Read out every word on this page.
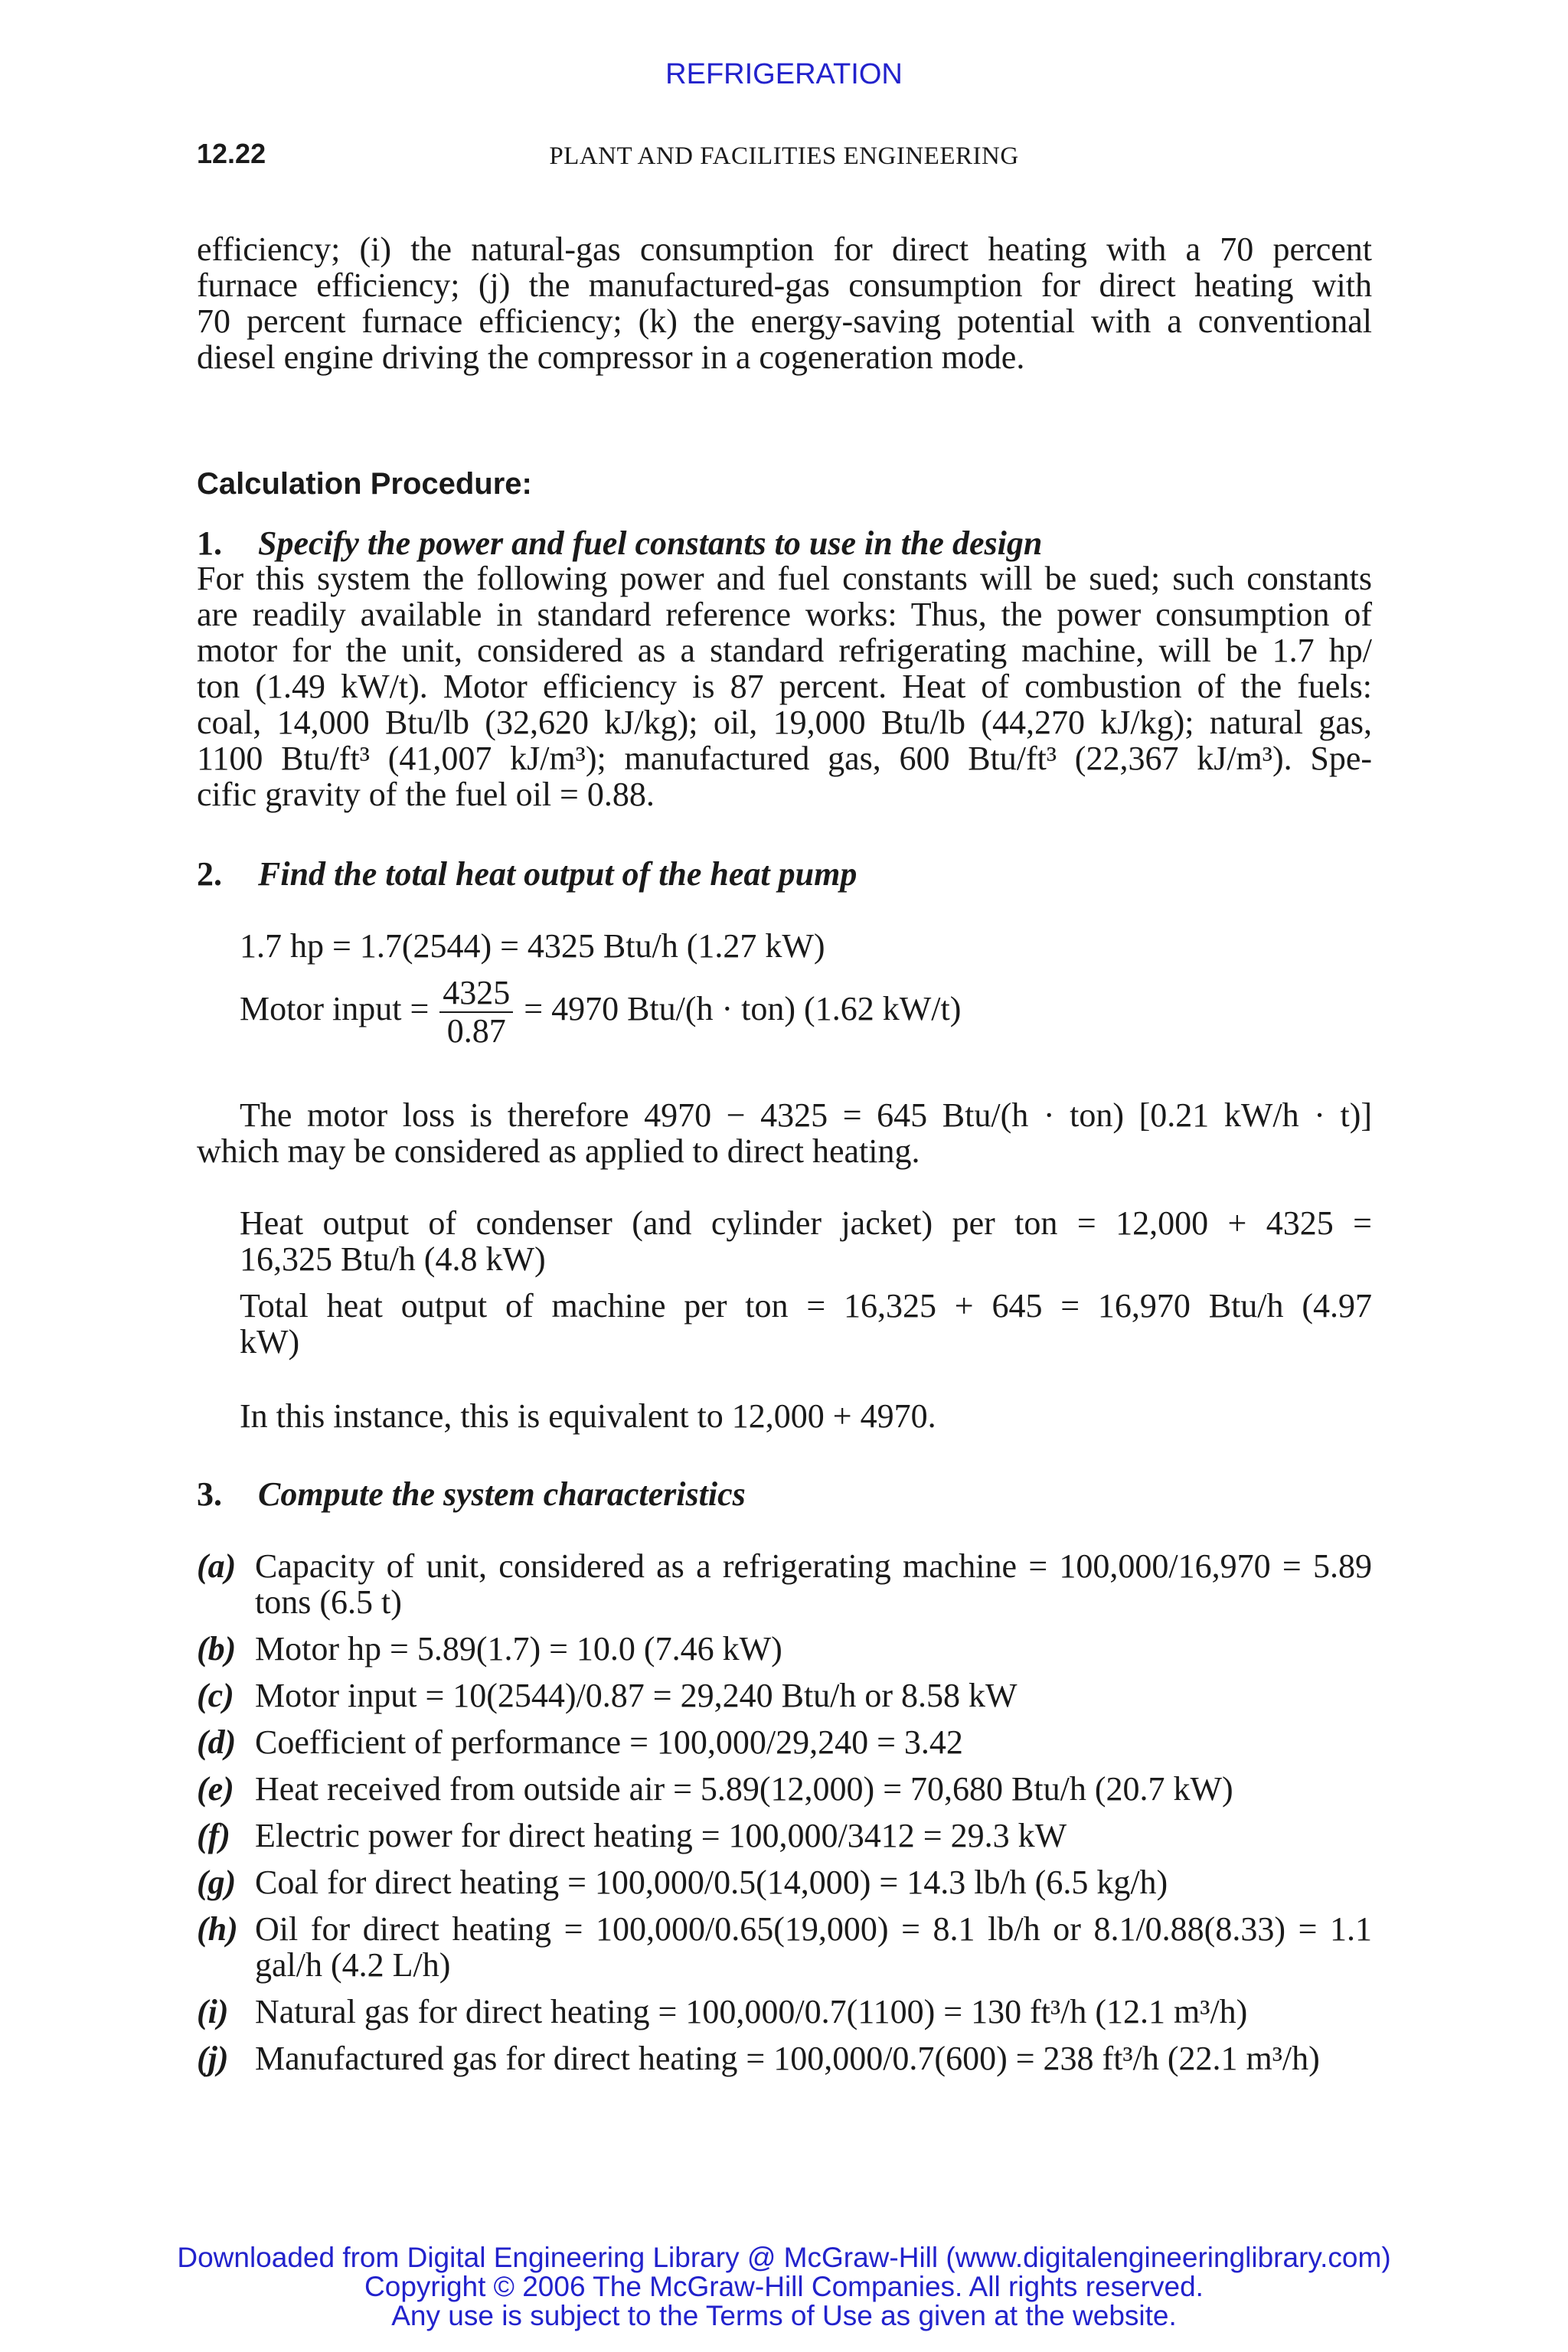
REFRIGERATION
12.22	PLANT AND FACILITIES ENGINEERING
efficiency; (i) the natural-gas consumption for direct heating with a 70 percent
furnace efficiency; (j) the manufactured-gas consumption for direct heating with
70 percent furnace efficiency; (k) the energy-saving potential with a conventional
diesel engine driving the compressor in a cogeneration mode.
Calculation Procedure:
1. Specify the power and fuel constants to use in the design
For this system the following power and fuel constants will be sued; such constants
are readily available in standard reference works: Thus, the power consumption of
motor for the unit, considered as a standard refrigerating machine, will be 1.7 hp/
ton (1.49 kW/t). Motor efficiency is 87 percent. Heat of combustion of the fuels:
coal, 14,000 Btu/lb (32,620 kJ/kg); oil, 19,000 Btu/lb (44,270 kJ/kg); natural gas,
1100 Btu/ft³ (41,007 kJ/m³); manufactured gas, 600 Btu/ft³ (22,367 kJ/m³). Spe-
cific gravity of the fuel oil = 0.88.
2. Find the total heat output of the heat pump
1.7 hp = 1.7(2544) = 4325 Btu/h (1.27 kW)
Motor input = $\frac{4325}{0.87} = 4970$ Btu/(h · ton) (1.62 kW/t)
The motor loss is therefore 4970 − 4325 = 645 Btu/(h · ton) [0.21 kW/h · t)]
which may be considered as applied to direct heating.
Heat output of condenser (and cylinder jacket) per ton = 12,000 + 4325 =
16,325 Btu/h (4.8 kW)
Total heat output of machine per ton = 16,325 + 645 = 16,970 Btu/h (4.97
kW)
In this instance, this is equivalent to 12,000 + 4970.
3. Compute the system characteristics
(a) Capacity of unit, considered as a refrigerating machine = 100,000/16,970 = 5.89 tons (6.5 t)
(b) Motor hp = 5.89(1.7) = 10.0 (7.46 kW)
(c) Motor input = 10(2544)/0.87 = 29,240 Btu/h or 8.58 kW
(d) Coefficient of performance = 100,000/29,240 = 3.42
(e) Heat received from outside air = 5.89(12,000) = 70,680 Btu/h (20.7 kW)
(f) Electric power for direct heating = 100,000/3412 = 29.3 kW
(g) Coal for direct heating = 100,000/0.5(14,000) = 14.3 lb/h (6.5 kg/h)
(h) Oil for direct heating = 100,000/0.65(19,000) = 8.1 lb/h or 8.1/0.88(8.33) = 1.1 gal/h (4.2 L/h)
(i) Natural gas for direct heating = 100,000/0.7(1100) = 130 ft³/h (12.1 m³/h)
(j) Manufactured gas for direct heating = 100,000/0.7(600) = 238 ft³/h (22.1 m³/h)
Downloaded from Digital Engineering Library @ McGraw-Hill (www.digitalengineeringlibrary.com)
Copyright © 2006 The McGraw-Hill Companies. All rights reserved.
Any use is subject to the Terms of Use as given at the website.
